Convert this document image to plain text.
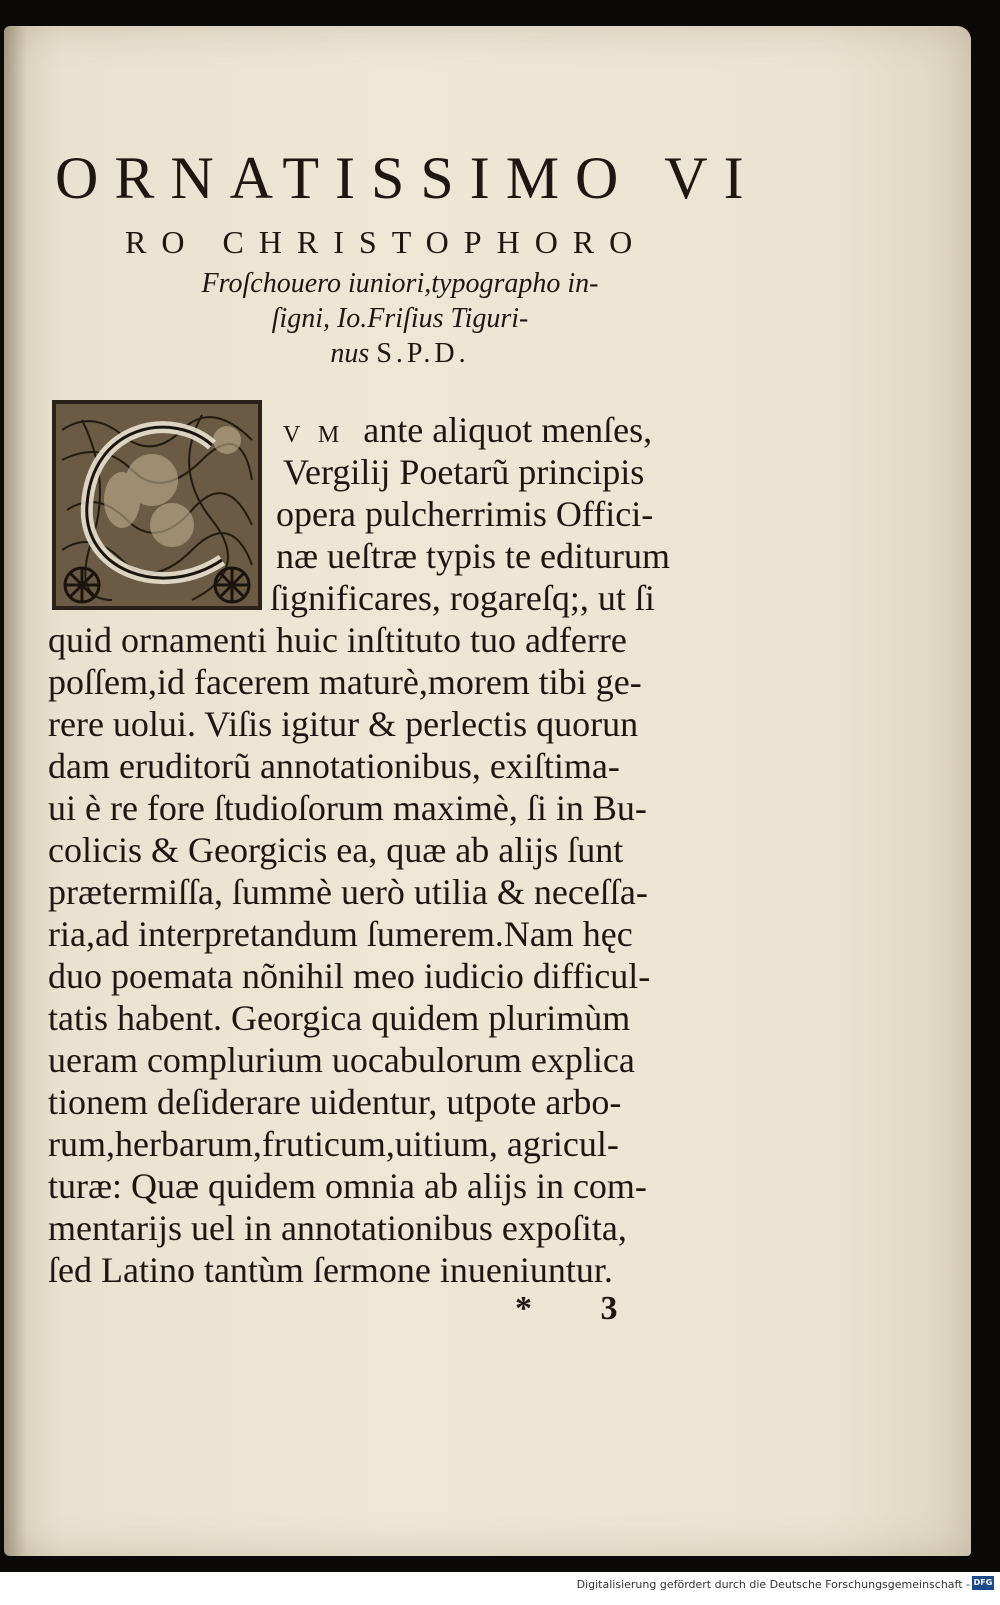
ORNATISSIMO VI
RO CHRISTOPHORO
Froſchouero iuniori,typographo in-
ſigni, Io.Friſius Tiguri-
nus S.P.D.
V M ante aliquot menſes,
Vergilij Poetarũ principis
opera pulcherrimis Offici-
næ ueſtræ typis te editurum
ſignificares, rogareſq;, ut ſi
quid ornamenti huic inſtituto tuo adferre
poſſem,id facerem maturè,morem tibi ge-
rere uolui. Viſis igitur & perlectis quorun
dam eruditorũ annotationibus, exiſtima-
ui è re fore ſtudioſorum maximè, ſi in Bu-
colicis & Georgicis ea, quæ ab alijs ſunt
prætermiſſa, ſummè uerò utilia & neceſſa-
ria,ad interpretandum ſumerem.Nam hęc
duo poemata nõnihil meo iudicio difficul-
tatis habent. Georgica quidem plurimùm
ueram complurium uocabulorum explica
tionem deſiderare uidentur, utpote arbo-
rum,herbarum,fruticum,uitium, agricul-
turæ: Quæ quidem omnia ab alijs in com-
mentarijs uel in annotationibus expoſita,
ſed Latino tantùm ſermone inueniuntur.
* 3
Digitalisierung gefördert durch die Deutsche Forschungsgemeinschaft - DFG
